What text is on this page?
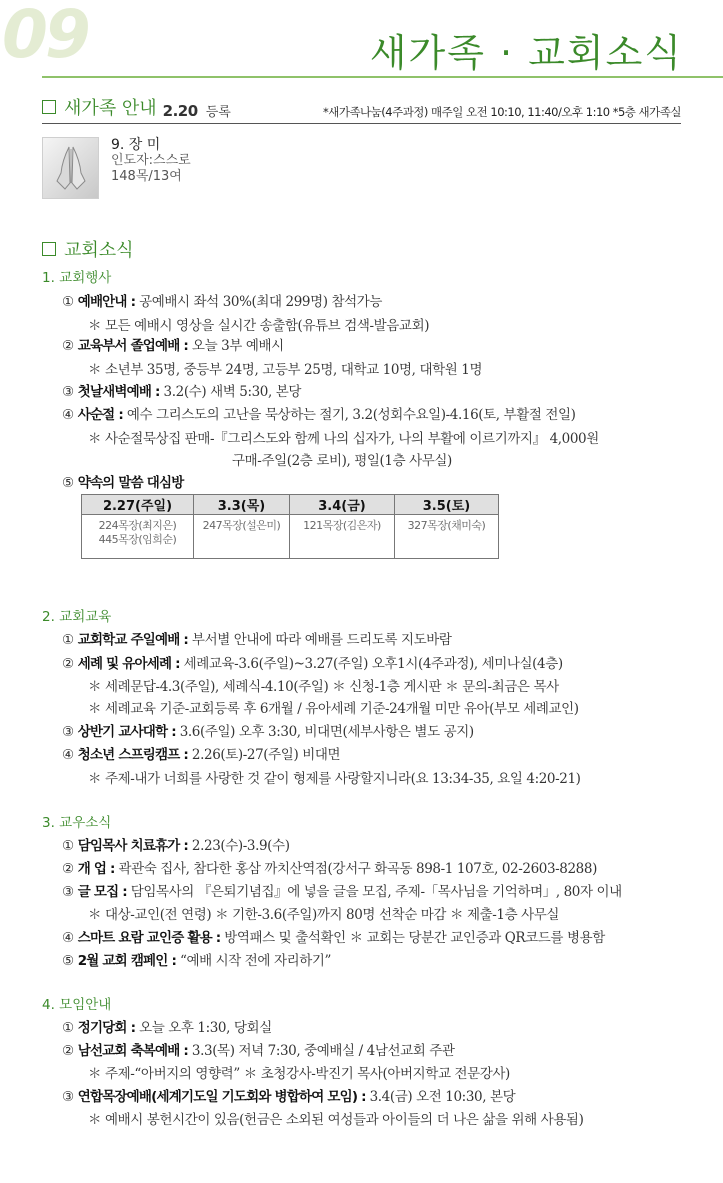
09	새가족 · 교회소식
새가족 안내 2.20 등록	*새가족나눔(4주과정) 매주일 오전 10:10, 11:40/오후 1:10 *5층 새가족실
9. 장 미
인도자:스스로
148목/13여
교회소식
1. 교회행사
① 예배안내 : 공예배시 좌석 30%(최대 299명) 참석가능
＊ 모든 예배시 영상을 실시간 송출함(유튜브 검색-발음교회)
② 교육부서 졸업예배 : 오늘 3부 예배시
＊ 소년부 35명, 중등부 24명, 고등부 25명, 대학교 10명, 대학원 1명
③ 첫날새벽예배 : 3.2(수) 새벽 5:30, 본당
④ 사순절 : 예수 그리스도의 고난을 묵상하는 절기, 3.2(성회수요일)-4.16(토, 부활절 전일)
＊ 사순절묵상집 판매-『그리스도와 함께 나의 십자가, 나의 부활에 이르기까지』 4,000원
구매-주일(2층 로비), 평일(1층 사무실)
⑤ 약속의 말씀 대심방
2.27(주일)	3.3(목)	3.4(금)	3.5(토)

224목장(최지은)
445목장(임희순)	247목장(설은미)	121목장(김은자)	327목장(채미숙)
2. 교회교육
① 교회학교 주일예배 : 부서별 안내에 따라 예배를 드리도록 지도바람
② 세례 및 유아세례 : 세례교육-3.6(주일)~3.27(주일) 오후1시(4주과정), 세미나실(4층)
＊ 세례문답-4.3(주일), 세례식-4.10(주일) ＊ 신청-1층 게시판 ＊ 문의-최금은 목사
＊ 세례교육 기준-교회등록 후 6개월 / 유아세례 기준-24개월 미만 유아(부모 세례교인)
③ 상반기 교사대학 : 3.6(주일) 오후 3:30, 비대면(세부사항은 별도 공지)
④ 청소년 스프링캠프 : 2.26(토)-27(주일) 비대면
＊ 주제-내가 너희를 사랑한 것 같이 형제를 사랑할지니라(요 13:34-35, 요일 4:20-21)
3. 교우소식
① 담임목사 치료휴가 : 2.23(수)-3.9(수)
② 개 업 : 곽관숙 집사, 참다한 홍삼 까치산역점(강서구 화곡동 898-1 107호, 02-2603-8288)
③ 글 모집 : 담임목사의 『은퇴기념집』에 넣을 글을 모집, 주제-「목사님을 기억하며」, 80자 이내
＊ 대상-교인(전 연령) ＊ 기한-3.6(주일)까지 80명 선착순 마감 ＊ 제출-1층 사무실
④ 스마트 요람 교인증 활용 : 방역패스 및 출석확인 ＊ 교회는 당분간 교인증과 QR코드를 병용함
⑤ 2월 교회 캠페인 : “예배 시작 전에 자리하기”
4. 모임안내
① 정기당회 : 오늘 오후 1:30, 당회실
② 남선교회 축복예배 : 3.3(목) 저녁 7:30, 중예배실 / 4남선교회 주관
＊ 주제-“아버지의 영향력” ＊ 초청강사-박진기 목사(아버지학교 전문강사)
③ 연합목장예배(세계기도일 기도회와 병합하여 모임) : 3.4(금) 오전 10:30, 본당
＊ 예배시 봉헌시간이 있음(헌금은 소외된 여성들과 아이들의 더 나은 삶을 위해 사용됨)
